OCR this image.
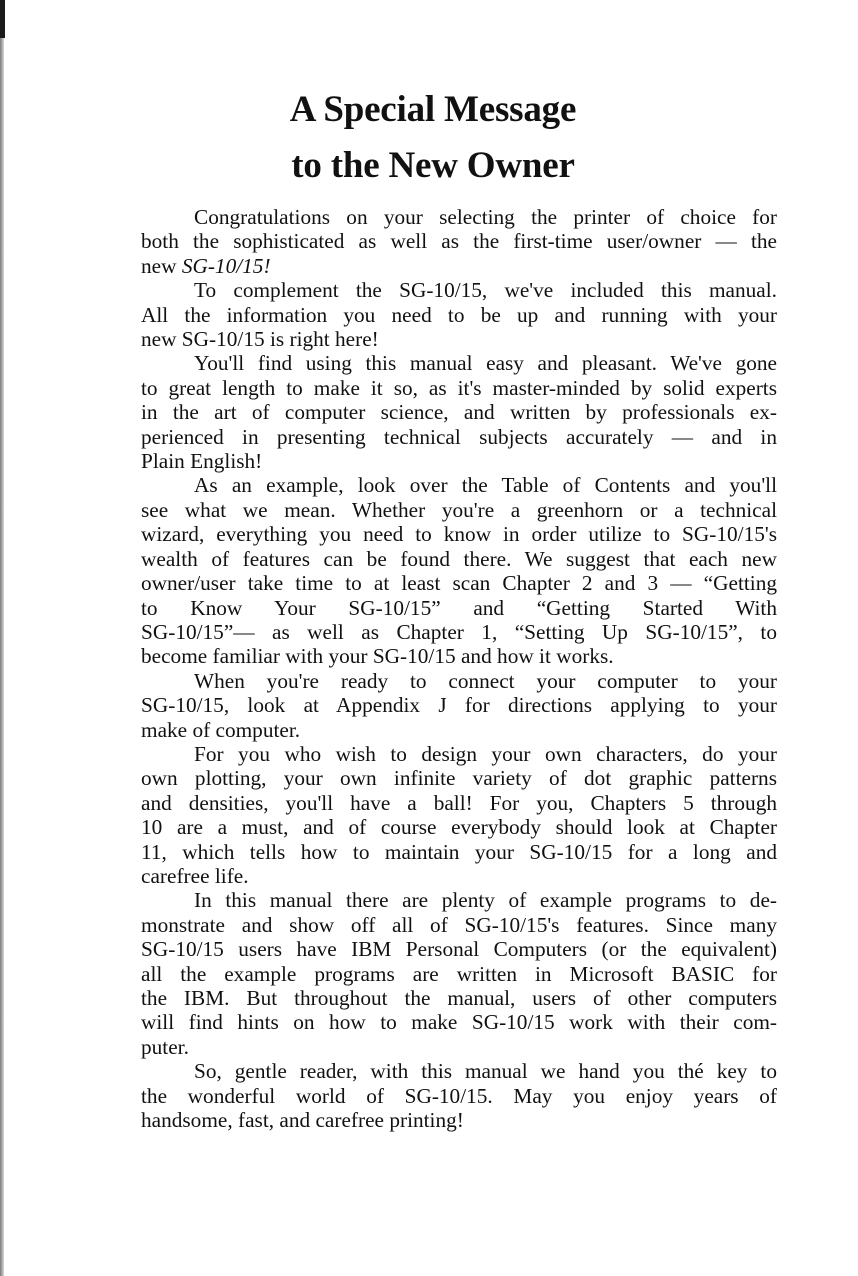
A Special Message
to the New Owner
Congratulations on your selecting the printer of choice for
both the sophisticated as well as the first-time user/owner — the
new SG-10/15!
To complement the SG-10/15, we've included this manual.
All the information you need to be up and running with your
new SG-10/15 is right here!
You'll find using this manual easy and pleasant. We've gone
to great length to make it so, as it's master-minded by solid experts
in the art of computer science, and written by professionals ex-
perienced in presenting technical subjects accurately — and in
Plain English!
As an example, look over the Table of Contents and you'll
see what we mean. Whether you're a greenhorn or a technical
wizard, everything you need to know in order utilize to SG-10/15's
wealth of features can be found there. We suggest that each new
owner/user take time to at least scan Chapter 2 and 3 — “Getting
to Know Your SG-10/15” and “Getting Started With
SG-10/15”— as well as Chapter 1, “Setting Up SG-10/15”, to
become familiar with your SG-10/15 and how it works.
When you're ready to connect your computer to your
SG-10/15, look at Appendix J for directions applying to your
make of computer.
For you who wish to design your own characters, do your
own plotting, your own infinite variety of dot graphic patterns
and densities, you'll have a ball! For you, Chapters 5 through
10 are a must, and of course everybody should look at Chapter
11, which tells how to maintain your SG-10/15 for a long and
carefree life.
In this manual there are plenty of example programs to de-
monstrate and show off all of SG-10/15's features. Since many
SG-10/15 users have IBM Personal Computers (or the equivalent)
all the example programs are written in Microsoft BASIC for
the IBM. But throughout the manual, users of other computers
will find hints on how to make SG-10/15 work with their com-
puter.
So, gentle reader, with this manual we hand you thé key to
the wonderful world of SG-10/15. May you enjoy years of
handsome, fast, and carefree printing!
